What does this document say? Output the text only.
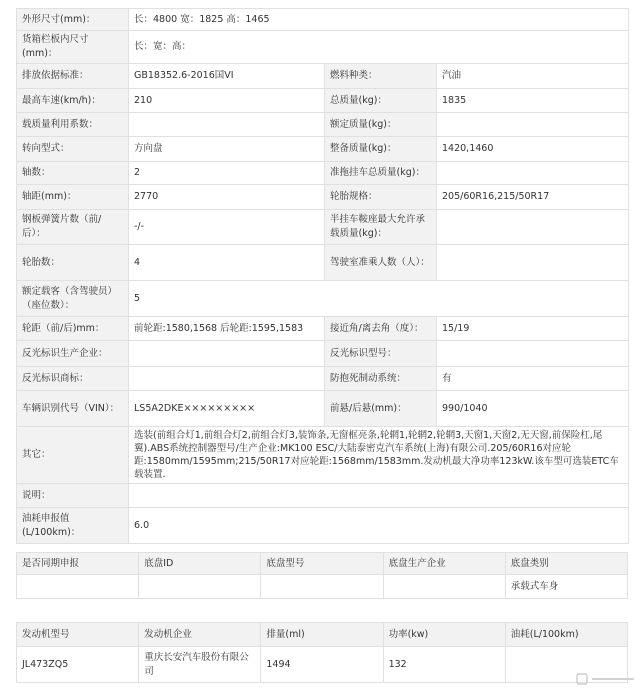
外形尺寸(mm)：	长：4800 宽：1825 高：1465		
货箱栏板内尺寸(mm)：	长：宽：高：		
排放依据标准：	GB18352.6-2016国VI	燃料种类：	汽油
最高车速(km/h)：	210	总质量(kg)：	1835
载质量利用系数：		额定质量(kg)：	
转向型式：	方向盘	整备质量(kg)：	1420,1460
轴数：	2	准拖挂车总质量(kg)：	
轴距(mm)：	2770	轮胎规格：	205/60R16,215/50R17
钢板弹簧片数（前/后）：	-/-	半挂车鞍座最大允许承载质量(kg)：	
轮胎数：	4	驾驶室准乘人数（人）：	
额定载客（含驾驶员）（座位数）：	5		
轮距（前/后)mm：	前轮距:1580,1568 后轮距:1595,1583	接近角/离去角（度）：	15/19
反光标识生产企业：		反光标识型号：	
反光标识商标：		防抱死制动系统：	有
车辆识别代号（VIN）：	LS5A2DKE×××××××××	前悬/后悬(mm)：	990/1040
其它：	选装(前组合灯1,前组合灯2,前组合灯3,装饰条,无窗框亮条,轮辋1,轮辋2,轮辋3,天窗1,天窗2,无天窗,前保险杠,尾翼).ABS系统控制器型号/生产企业:MK100 ESC/大陆泰密克汽车系统(上海)有限公司.205/60R16对应轮距:1580mm/1595mm;215/50R17对应轮距:1568mm/1583mm.发动机最大净功率123kW.该车型可选装ETC车载装置.		
说明：			
油耗申报值(L/100km)：	6.0		
是否同期申报	底盘ID	底盘型号	底盘生产企业	底盘类别
				承载式车身
发动机型号	发动机企业	排量(ml)	功率(kw)	油耗(L/100km)
JL473ZQ5	重庆长安汽车股份有限公司	1494	132	
